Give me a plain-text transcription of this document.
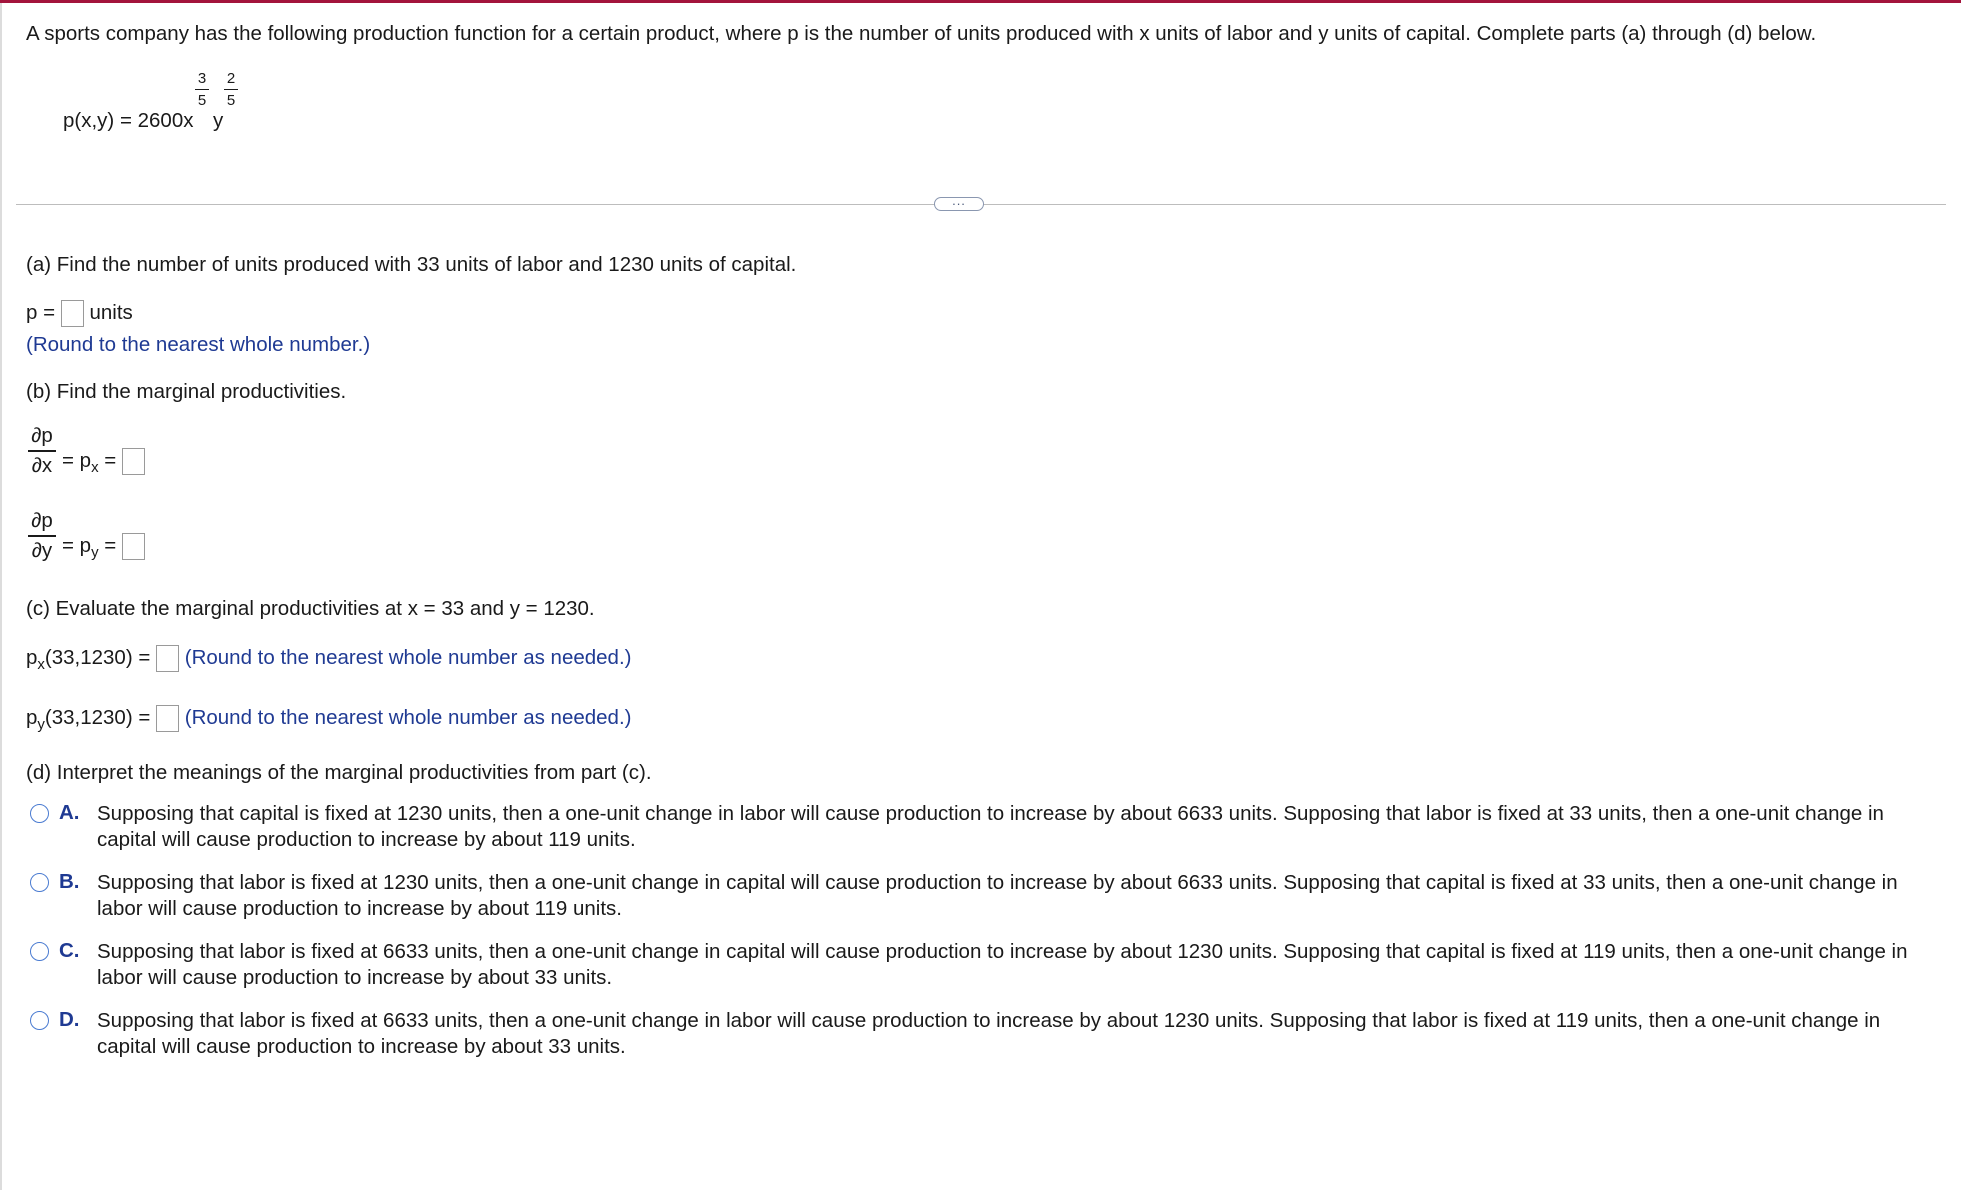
A sports company has the following production function for a certain product, where p is the number of units produced with x units of labor and y units of capital. Complete parts (a) through (d) below.
p(x,y) = 2600x
3
5
y
2
5
...
(a) Find the number of units produced with 33 units of labor and 1230 units of capital.
p = units
(Round to the nearest whole number.)
(b) Find the marginal productivities.
∂p
$\partial x = p_x$ =
∂p
$\partial y = p_y$ =
(c) Evaluate the marginal productivities at x = 33 and y = 1230.
$p_x(33,1230)$ = (Round to the nearest whole number as needed.)
$p_y(33,1230)$ = (Round to the nearest whole number as needed.)
(d) Interpret the meanings of the marginal productivities from part (c).
A. Supposing that capital is fixed at 1230 units, then a one-unit change in labor will cause production to increase by about 6633 units. Supposing that labor is fixed at 33 units, then a one-unit change in capital will cause production to increase by about 119 units.
B. Supposing that labor is fixed at 1230 units, then a one-unit change in capital will cause production to increase by about 6633 units. Supposing that capital is fixed at 33 units, then a one-unit change in labor will cause production to increase by about 119 units.
C. Supposing that labor is fixed at 6633 units, then a one-unit change in capital will cause production to increase by about 1230 units. Supposing that capital is fixed at 119 units, then a one-unit change in labor will cause production to increase by about 33 units.
D. Supposing that labor is fixed at 6633 units, then a one-unit change in labor will cause production to increase by about 1230 units. Supposing that labor is fixed at 119 units, then a one-unit change in capital will cause production to increase by about 33 units.
